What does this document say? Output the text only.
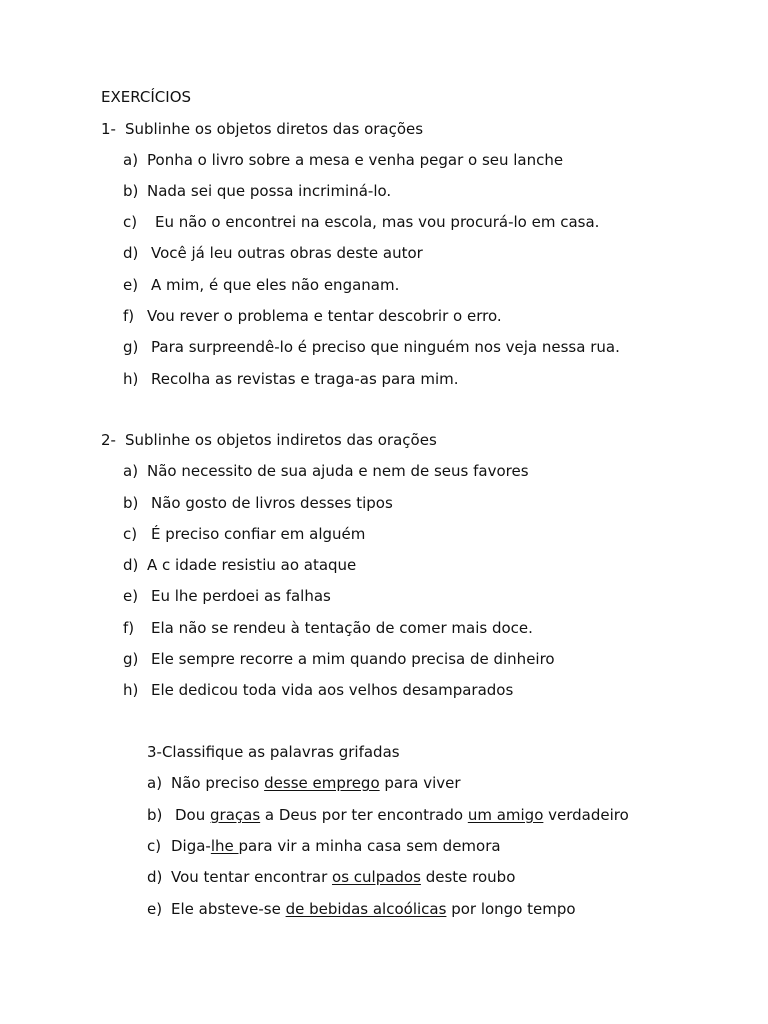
EXERCÍCIOS
1- Sublinhe os objetos diretos das orações
a) Ponha o livro sobre a mesa e venha pegar o seu lanche
b) Nada sei que possa incriminá-lo.
c) Eu não o encontrei na escola, mas vou procurá-lo em casa.
d) Você já leu outras obras deste autor
e) A mim, é que eles não enganam.
f) Vou rever o problema e tentar descobrir o erro.
g) Para surpreendê-lo é preciso que ninguém nos veja nessa rua.
h) Recolha as revistas e traga-as para mim.
2- Sublinhe os objetos indiretos das orações
a) Não necessito de sua ajuda e nem de seus favores
b) Não gosto de livros desses tipos
c) É preciso confiar em alguém
d) A c idade resistiu ao ataque
e) Eu lhe perdoei as falhas
f) Ela não se rendeu à tentação de comer mais doce.
g) Ele sempre recorre a mim quando precisa de dinheiro
h) Ele dedicou toda vida aos velhos desamparados
3-Classifique as palavras grifadas
a) Não preciso desse emprego para viver
b) Dou graças a Deus por ter encontrado um amigo verdadeiro
c) Diga-lhe para vir a minha casa sem demora
d) Vou tentar encontrar os culpados deste roubo
e) Ele absteve-se de bebidas alcoólicas por longo tempo
